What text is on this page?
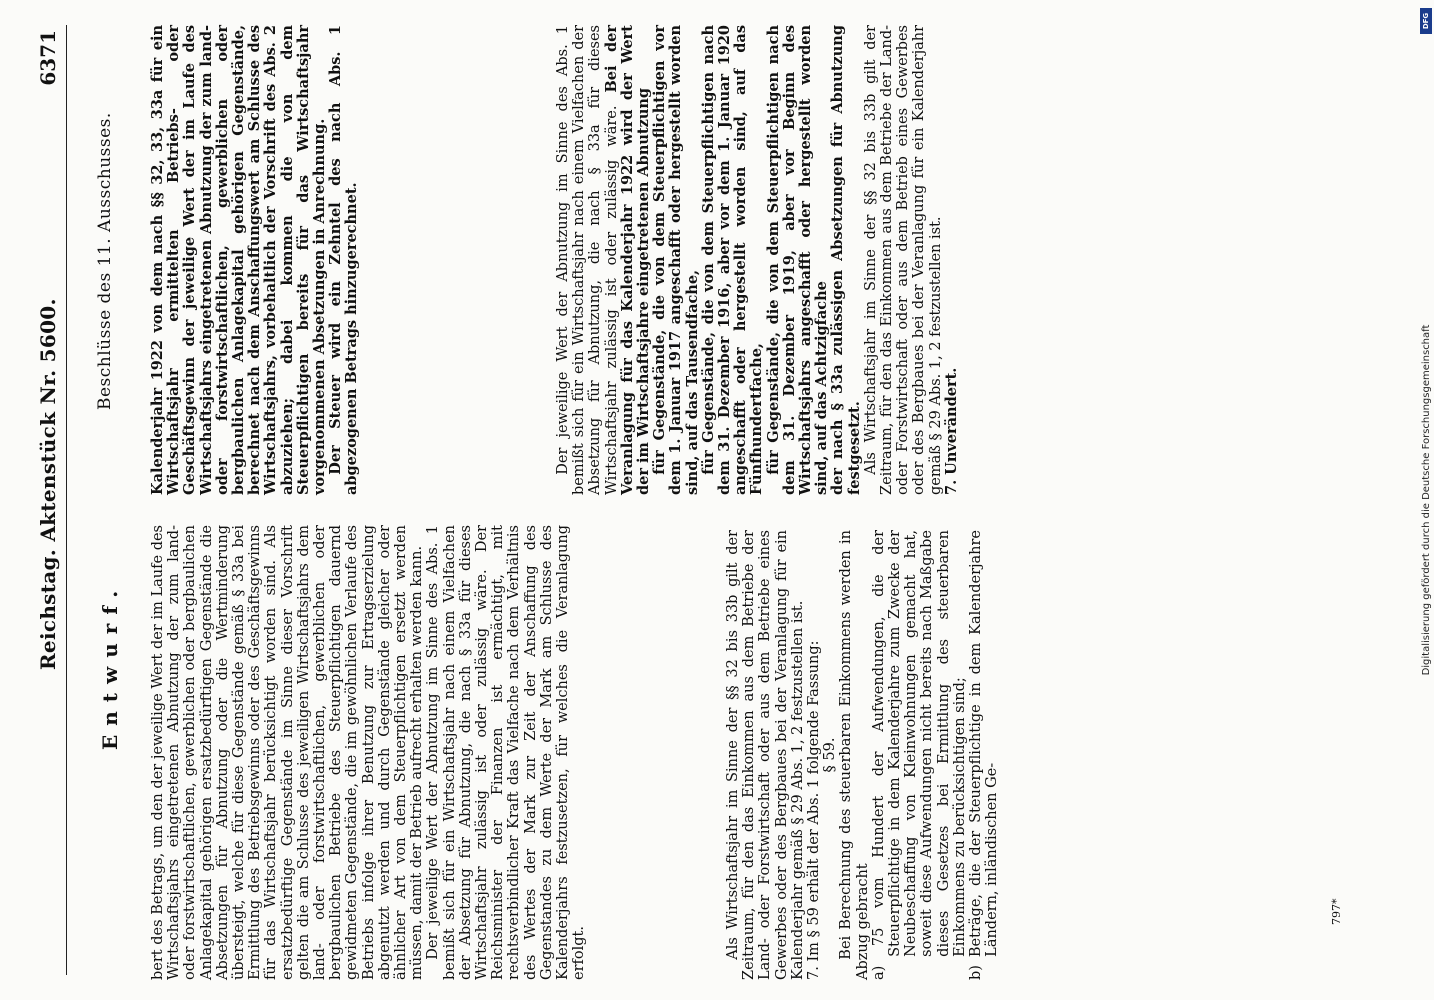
Reichstag. Aktenstück Nr. 5600.
6371
Entwurf.
Beschlüsse des 11. Ausschusses.

bert des Betrags, um den der jeweilige Wert der im Laufe des Wirtschaftsjahrs eingetretenen Abnutzung der zum land- oder forstwirtschaftlichen, gewerblichen oder bergbaulichen Anlagekapital gehörigen ersatzbedürftigen Gegenstände die Absetzungen für Abnutzung oder die Wertminderung übersteigt, welche für diese Gegenstände gemäß § 33a bei Ermittlung des Betriebsgewinns oder des Geschäftsgewinns für das Wirtschaftsjahr berücksichtigt worden sind. Als ersatzbedürftige Gegenstände im Sinne dieser Vorschrift gelten die am Schlusse des jeweiligen Wirtschaftsjahrs dem land- oder forstwirtschaftlichen, gewerblichen oder bergbaulichen Betriebe des Steuerpflichtigen dauernd gewidmeten Gegenstände, die im gewöhnlichen Verlaufe des Betriebs infolge ihrer Benutzung zur Ertragserzielung abgenutzt werden und durch Gegenstände gleicher oder ähnlicher Art von dem Steuerpflichtigen ersetzt werden müssen, damit der Betrieb aufrecht erhalten werden kann. Der jeweilige Wert der Abnutzung im Sinne des Abs. 1 bemißt sich für ein Wirtschaftsjahr nach einem Vielfachen der Absetzung für Abnutzung, die nach § 33a für dieses Wirtschaftsjahr zulässig ist oder zulässig wäre. Der Reichsminister der Finanzen ist ermächtigt, mit rechtsverbindlicher Kraft das Vielfache nach dem Verhältnis des Wertes der Mark zur Zeit der Anschaffung des Gegenstandes zu dem Werte der Mark am Schlusse des Kalenderjahrs festzusetzen, für welches die Veranlagung erfolgt.	Als Wirtschaftsjahr im Sinne der §§ 32 bis 33b gilt der Zeitraum, für den das Einkommen aus dem Betriebe der Land- oder Forstwirtschaft oder aus dem Betriebe eines Gewerbes oder des Bergbaues bei der Veranlagung für ein Kalenderjahr gemäß § 29 Abs. 1, 2 festzustellen ist. 7. Im § 59 erhält der Abs. 1 folgende Fassung: § 59. Bei Berechnung des steuerbaren Einkommens werden in Abzug gebracht a) 75 vom Hundert der Aufwendungen, die der Steuerpflichtige in dem Kalenderjahre zum Zwecke der Neubeschaffung von Kleinwohnungen gemacht hat, soweit diese Aufwendungen nicht bereits nach Maßgabe dieses Gesetzes bei Ermittlung des steuerbaren Einkommens zu berücksichtigen sind; b) Beträge, die der Steuerpflichtige in dem Kalenderjahre Ländern, inländischen Ge-

Kalenderjahr 1922 von dem nach §§ 32, 33, 33a für ein Wirtschaftsjahr ermittelten Betriebs- oder Geschäftsgewinn der jeweilige Wert der im Laufe des Wirtschaftsjahrs eingetretenen Abnutzung der zum land- oder forstwirtschaftlichen, gewerblichen oder bergbaulichen Anlagekapital gehörigen Gegenstände, berechnet nach dem Anschaffungswert am Schlusse des Wirtschaftsjahrs, vorbehaltlich der Vorschrift des Abs. 2 abzuziehen; dabei kommen die von dem Steuerpflichtigen bereits für das Wirtschaftsjahr vorgenommenen Absetzungen in Anrechnung. Der Steuer wird ein Zehntel des nach Abs. 1 abgezogenen Betrags hinzugerechnet.	Der jeweilige Wert der Abnutzung im Sinne des Abs. 1 bemißt sich für ein Wirtschaftsjahr nach einem Vielfachen der Absetzung für Abnutzung, die nach § 33a für dieses Wirtschaftsjahr zulässig ist oder zulässig wäre. Bei der Veranlagung für das Kalenderjahr 1922 wird der Wert der im Wirtschaftsjahre eingetretenen Abnutzung für Gegenstände, die von dem Steuerpflichtigen vor dem 1. Januar 1917 angeschafft oder hergestellt worden sind, auf das Tausendfache, für Gegenstände, die von dem Steuerpflichtigen nach dem 31. Dezember 1916, aber vor dem 1. Januar 1920 angeschafft oder hergestellt worden sind, auf das Fünfhundertfache, für Gegenstände, die von dem Steuerpflichtigen nach dem 31. Dezember 1919, aber vor Beginn des Wirtschaftsjahrs angeschafft oder hergestellt worden sind, auf das Achtzigfache der nach § 33a zulässigen Absetzungen für Abnutzung festgesetzt. Als Wirtschaftsjahr im Sinne der §§ 32 bis 33b gilt der Zeitraum, für den das Einkommen aus dem Betriebe der Land- oder Forstwirtschaft oder aus dem Betrieb eines Gewerbes oder des Bergbaues bei der Veranlagung für ein Kalenderjahr gemäß § 29 Abs. 1, 2 festzustellen ist. 7. Unverändert.

797*
Digitalisierung gefördert durch die Deutsche Forschungsgemeinschaft
DFG
